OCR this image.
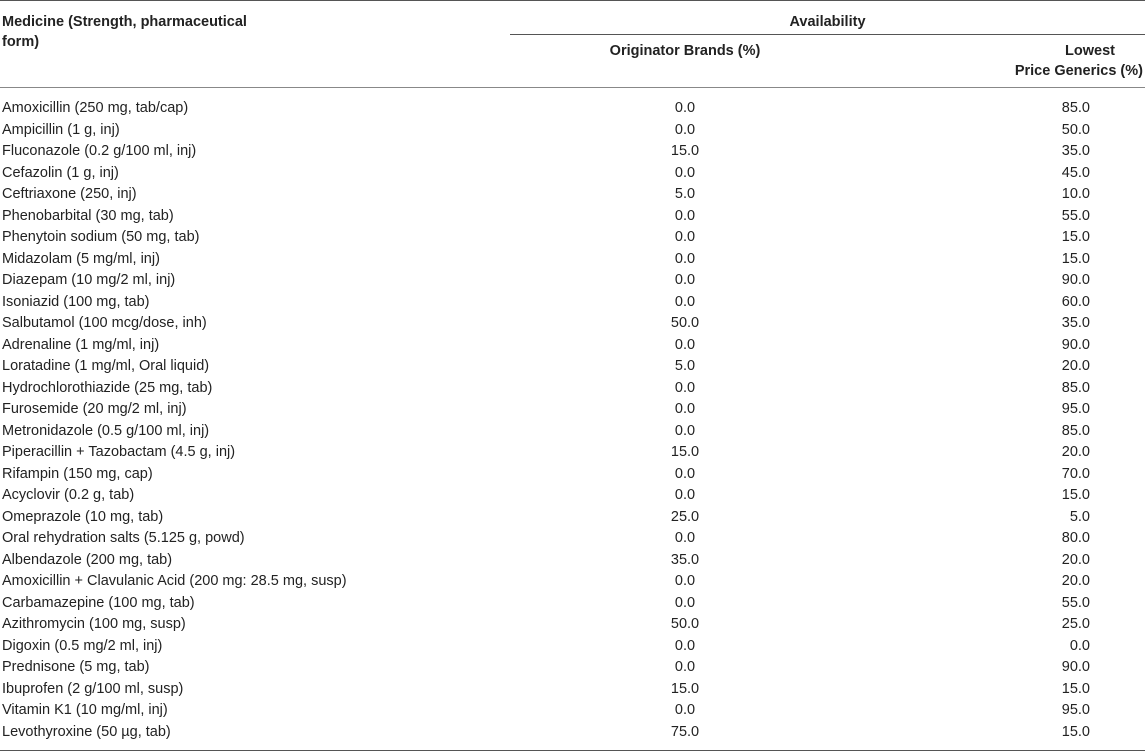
Medicine (Strength, pharmaceutical form)	Availability	
	Originator Brands (%)	Lowest
Price Generics (%)

Amoxicillin (250 mg, tab/cap)	0.0	85.0
Ampicillin (1 g, inj)	0.0	50.0
Fluconazole (0.2 g/100 ml, inj)	15.0	35.0
Cefazolin (1 g, inj)	0.0	45.0
Ceftriaxone (250, inj)	5.0	10.0
Phenobarbital (30 mg, tab)	0.0	55.0
Phenytoin sodium (50 mg, tab)	0.0	15.0
Midazolam (5 mg/ml, inj)	0.0	15.0
Diazepam (10 mg/2 ml, inj)	0.0	90.0
Isoniazid (100 mg, tab)	0.0	60.0
Salbutamol (100 mcg/dose, inh)	50.0	35.0
Adrenaline (1 mg/ml, inj)	0.0	90.0
Loratadine (1 mg/ml, Oral liquid)	5.0	20.0
Hydrochlorothiazide (25 mg, tab)	0.0	85.0
Furosemide (20 mg/2 ml, inj)	0.0	95.0
Metronidazole (0.5 g/100 ml, inj)	0.0	85.0
Piperacillin + Tazobactam (4.5 g, inj)	15.0	20.0
Rifampin (150 mg, cap)	0.0	70.0
Acyclovir (0.2 g, tab)	0.0	15.0
Omeprazole (10 mg, tab)	25.0	5.0
Oral rehydration salts (5.125 g, powd)	0.0	80.0
Albendazole (200 mg, tab)	35.0	20.0
Amoxicillin + Clavulanic Acid (200 mg: 28.5 mg, susp)	0.0	20.0
Carbamazepine (100 mg, tab)	0.0	55.0
Azithromycin (100 mg, susp)	50.0	25.0
Digoxin (0.5 mg/2 ml, inj)	0.0	0.0
Prednisone (5 mg, tab)	0.0	90.0
Ibuprofen (2 g/100 ml, susp)	15.0	15.0
Vitamin K1 (10 mg/ml, inj)	0.0	95.0
Levothyroxine (50 µg, tab)	75.0	15.0
